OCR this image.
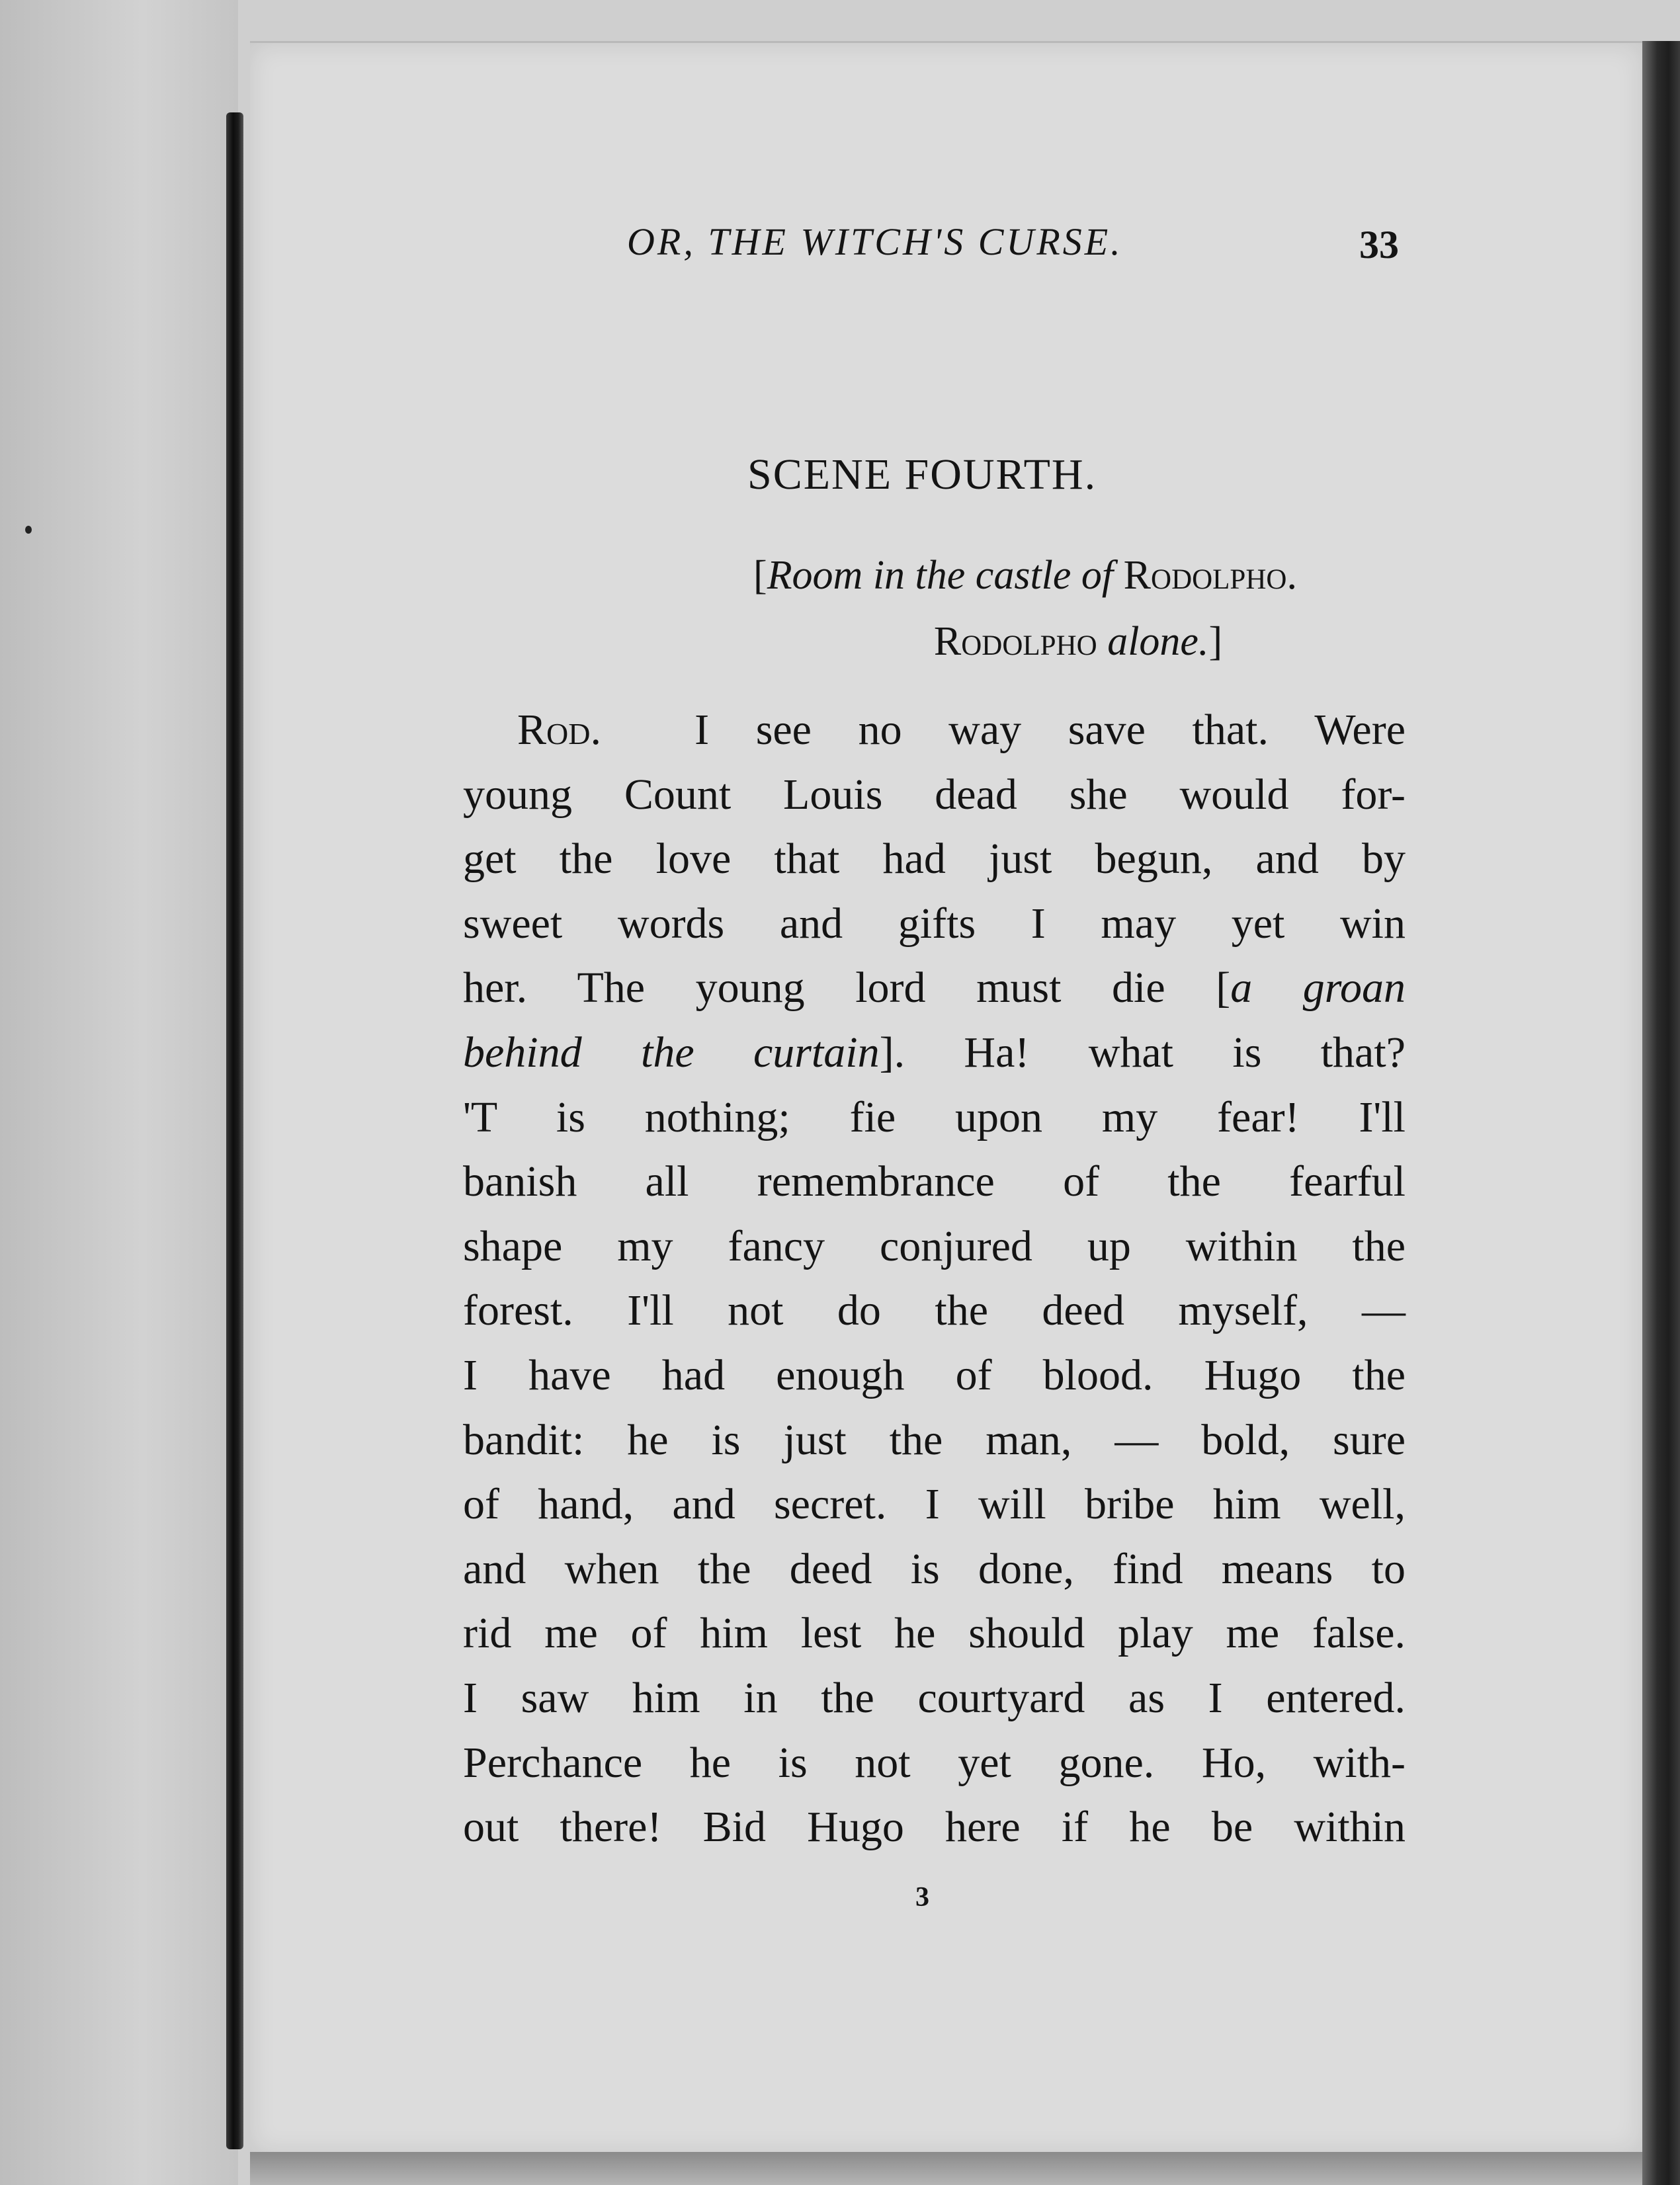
OR, THE WITCH'S CURSE.	33
SCENE FOURTH.
[Room in the castle of Rodolpho.
Rodolpho alone.]
Rod. I see no way save that. Were
young Count Louis dead she would for-
get the love that had just begun, and by
sweet words and gifts I may yet win
her. The young lord must die [a groan
behind the curtain]. Ha! what is that?
'T is nothing; fie upon my fear! I'll
banish all remembrance of the fearful
shape my fancy conjured up within the
forest. I'll not do the deed myself, —
I have had enough of blood. Hugo the
bandit: he is just the man, — bold, sure
of hand, and secret. I will bribe him well,
and when the deed is done, find means to
rid me of him lest he should play me false.
I saw him in the courtyard as I entered.
Perchance he is not yet gone. Ho, with-
out there! Bid Hugo here if he be within
3
